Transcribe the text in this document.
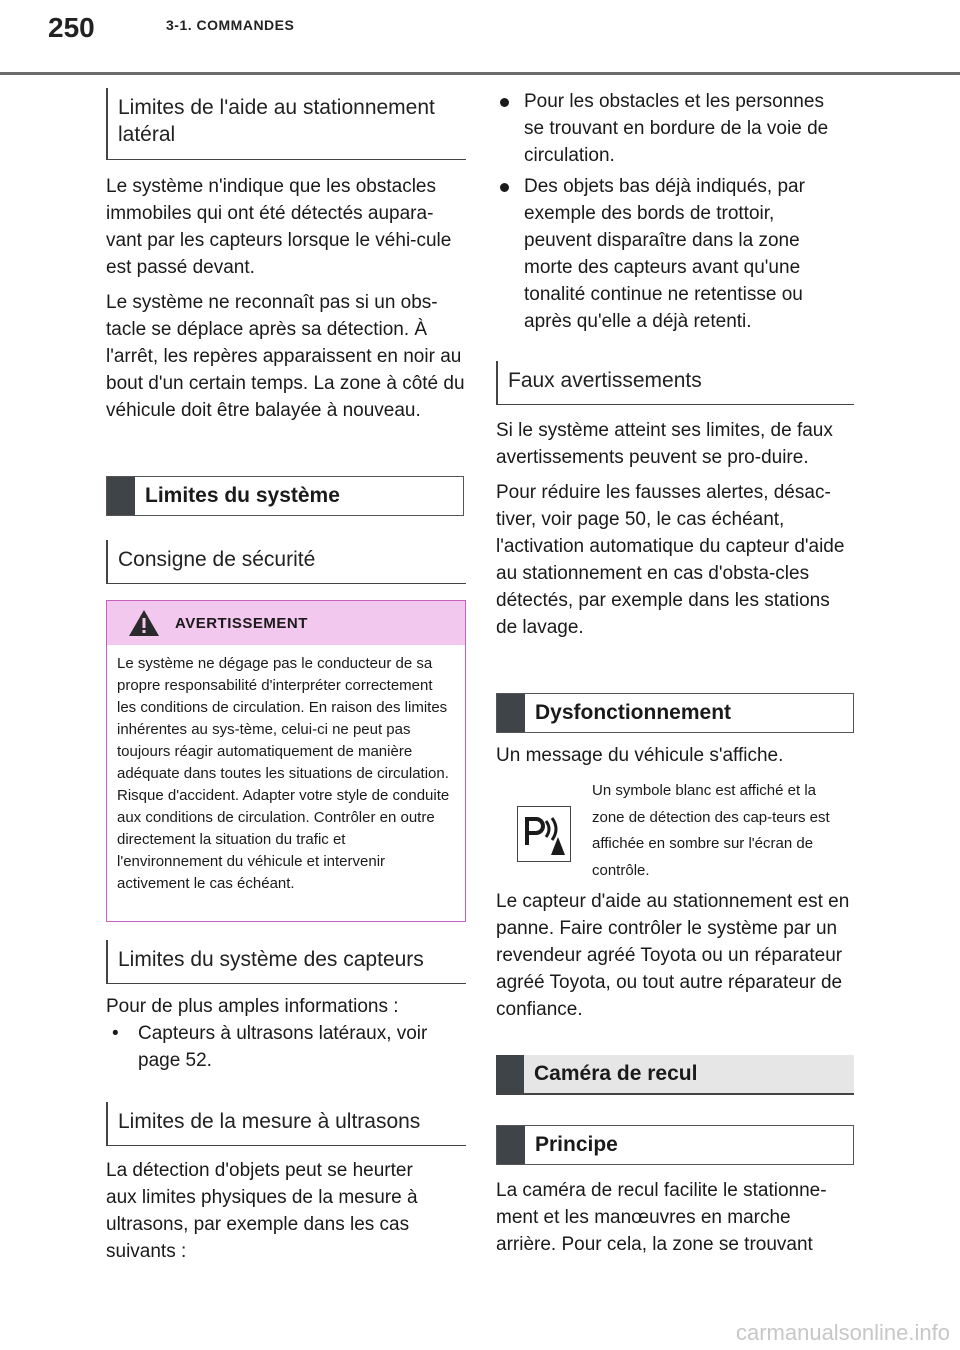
250	3-1. COMMANDES
Limites de l'aide au stationnement latéral

Le système n'indique que les obstacles immobiles qui ont été détectés aupara-vant par les capteurs lorsque le véhi-cule est passé devant.

Le système ne reconnaît pas si un obs-tacle se déplace après sa détection. À l'arrêt, les repères apparaissent en noir au bout d'un certain temps. La zone à côté du véhicule doit être balayée à nouveau.

Limites du système
Consigne de sécurité
AVERTISSEMENT
Le système ne dégage pas le conducteur de sa propre responsabilité d'interpréter correctement les conditions de circulation. En raison des limites inhérentes au sys-tème, celui-ci ne peut pas toujours réagir automatiquement de manière adéquate dans toutes les situations de circulation. Risque d'accident. Adapter votre style de conduite aux conditions de circulation. Contrôler en outre directement la situation du trafic et l'environnement du véhicule et intervenir activement le cas échéant.
Limites du système des capteurs

Pour de plus amples informations :

•	Capteurs à ultrasons latéraux, voir page 52.
Limites de la mesure à ultrasons

La détection d'objets peut se heurter aux limites physiques de la mesure à ultrasons, par exemple dans les cas suivants :

Pour les obstacles et les personnes se trouvant en bordure de la voie de circulation.
Des objets bas déjà indiqués, par exemple des bords de trottoir, peuvent disparaître dans la zone morte des capteurs avant qu'une tonalité continue ne retentisse ou après qu'elle a déjà retenti.
Faux avertissements

Si le système atteint ses limites, de faux avertissements peuvent se pro-duire.

Pour réduire les fausses alertes, désac-tiver, voir page 50, le cas échéant, l'activation automatique du capteur d'aide au stationnement en cas d'obsta-cles détectés, par exemple dans les stations de lavage.

Dysfonctionnement

Un message du véhicule s'affiche.

Un symbole blanc est affiché et la zone de détection des cap-teurs est affichée en sombre sur l'écran de contrôle.

Le capteur d'aide au stationnement est en panne. Faire contrôler le système par un revendeur agréé Toyota ou un réparateur agréé Toyota, ou tout autre réparateur de confiance.

Caméra de recul
Principe

La caméra de recul facilite le stationne-ment et les manœuvres en marche arrière. Pour cela, la zone se trouvant

carmanualsonline.info
